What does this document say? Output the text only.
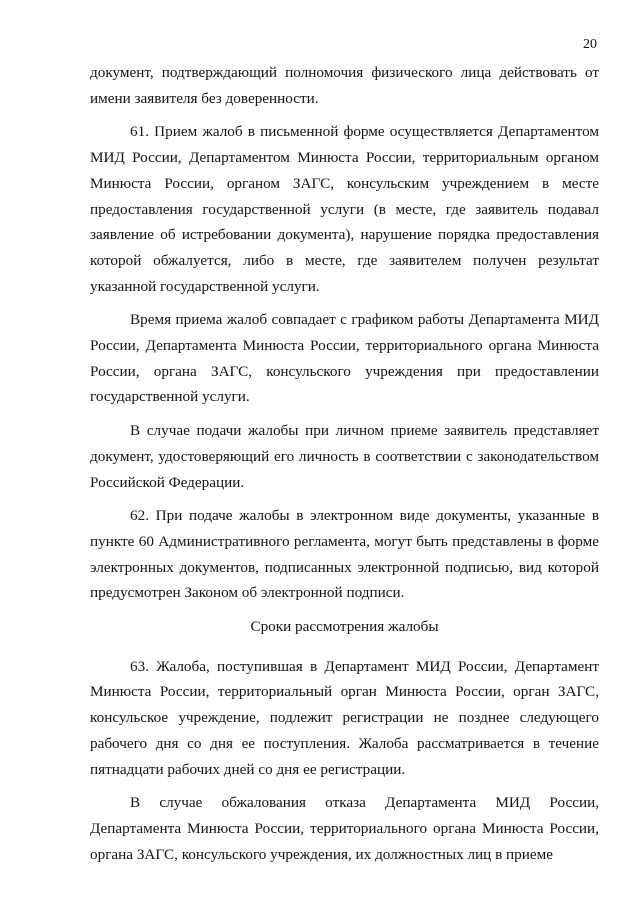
20

документ, подтверждающий полномочия физического лица действовать от имени заявителя без доверенности.

61. Прием жалоб в письменной форме осуществляется Департаментом МИД России, Департаментом Минюста России, территориальным органом Минюста России, органом ЗАГС, консульским учреждением в месте предоставления государственной услуги (в месте, где заявитель подавал заявление об истребовании документа), нарушение порядка предоставления которой обжалуется, либо в месте, где заявителем получен результат указанной государственной услуги.

Время приема жалоб совпадает с графиком работы Департамента МИД России, Департамента Минюста России, территориального органа Минюста России, органа ЗАГС, консульского учреждения при предоставлении государственной услуги.

В случае подачи жалобы при личном приеме заявитель представляет документ, удостоверяющий его личность в соответствии с законодательством Российской Федерации.

62. При подаче жалобы в электронном виде документы, указанные в пункте 60 Административного регламента, могут быть представлены в форме электронных документов, подписанных электронной подписью, вид которой предусмотрен Законом об электронной подписи.

Сроки рассмотрения жалобы

63. Жалоба, поступившая в Департамент МИД России, Департамент Минюста России, территориальный орган Минюста России, орган ЗАГС, консульское учреждение, подлежит регистрации не позднее следующего рабочего дня со дня ее поступления. Жалоба рассматривается в течение пятнадцати рабочих дней со дня ее регистрации.

В случае обжалования отказа Департамента МИД России, Департамента Минюста России, территориального органа Минюста России, органа ЗАГС, консульского учреждения, их должностных лиц в приеме
